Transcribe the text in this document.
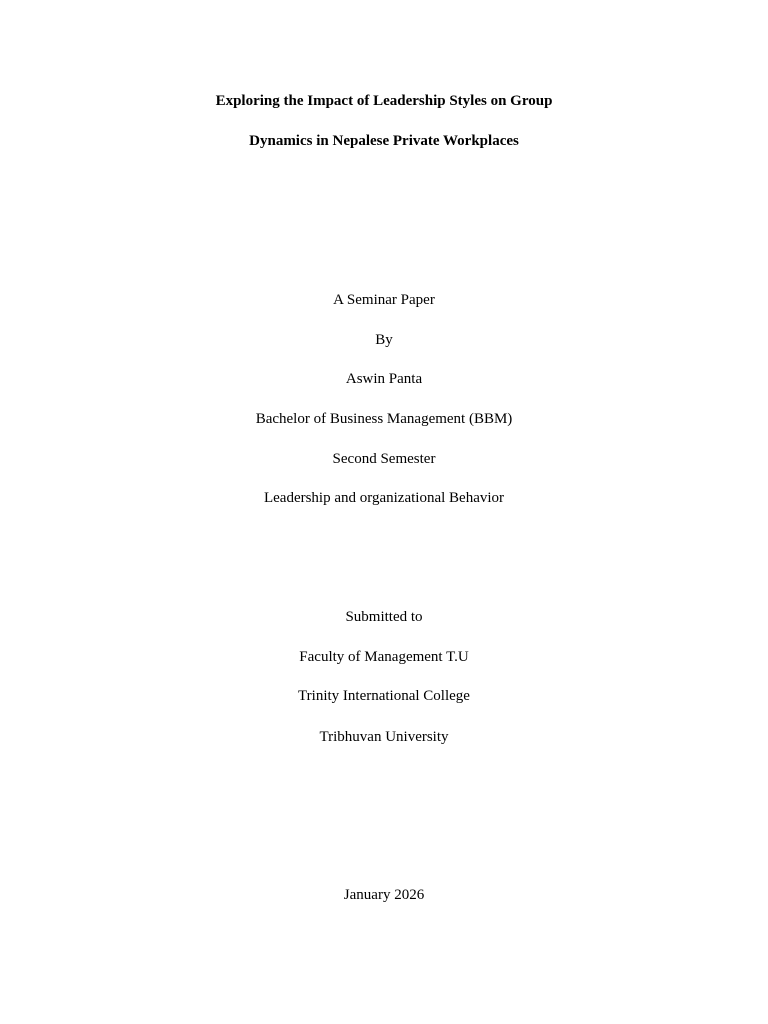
Exploring the Impact of Leadership Styles on Group
Dynamics in Nepalese Private Workplaces
A Seminar Paper
By
Aswin Panta
Bachelor of Business Management (BBM)
Second Semester
Leadership and organizational Behavior
Submitted to
Faculty of Management T.U
Trinity International College
Tribhuvan University
January 2026
